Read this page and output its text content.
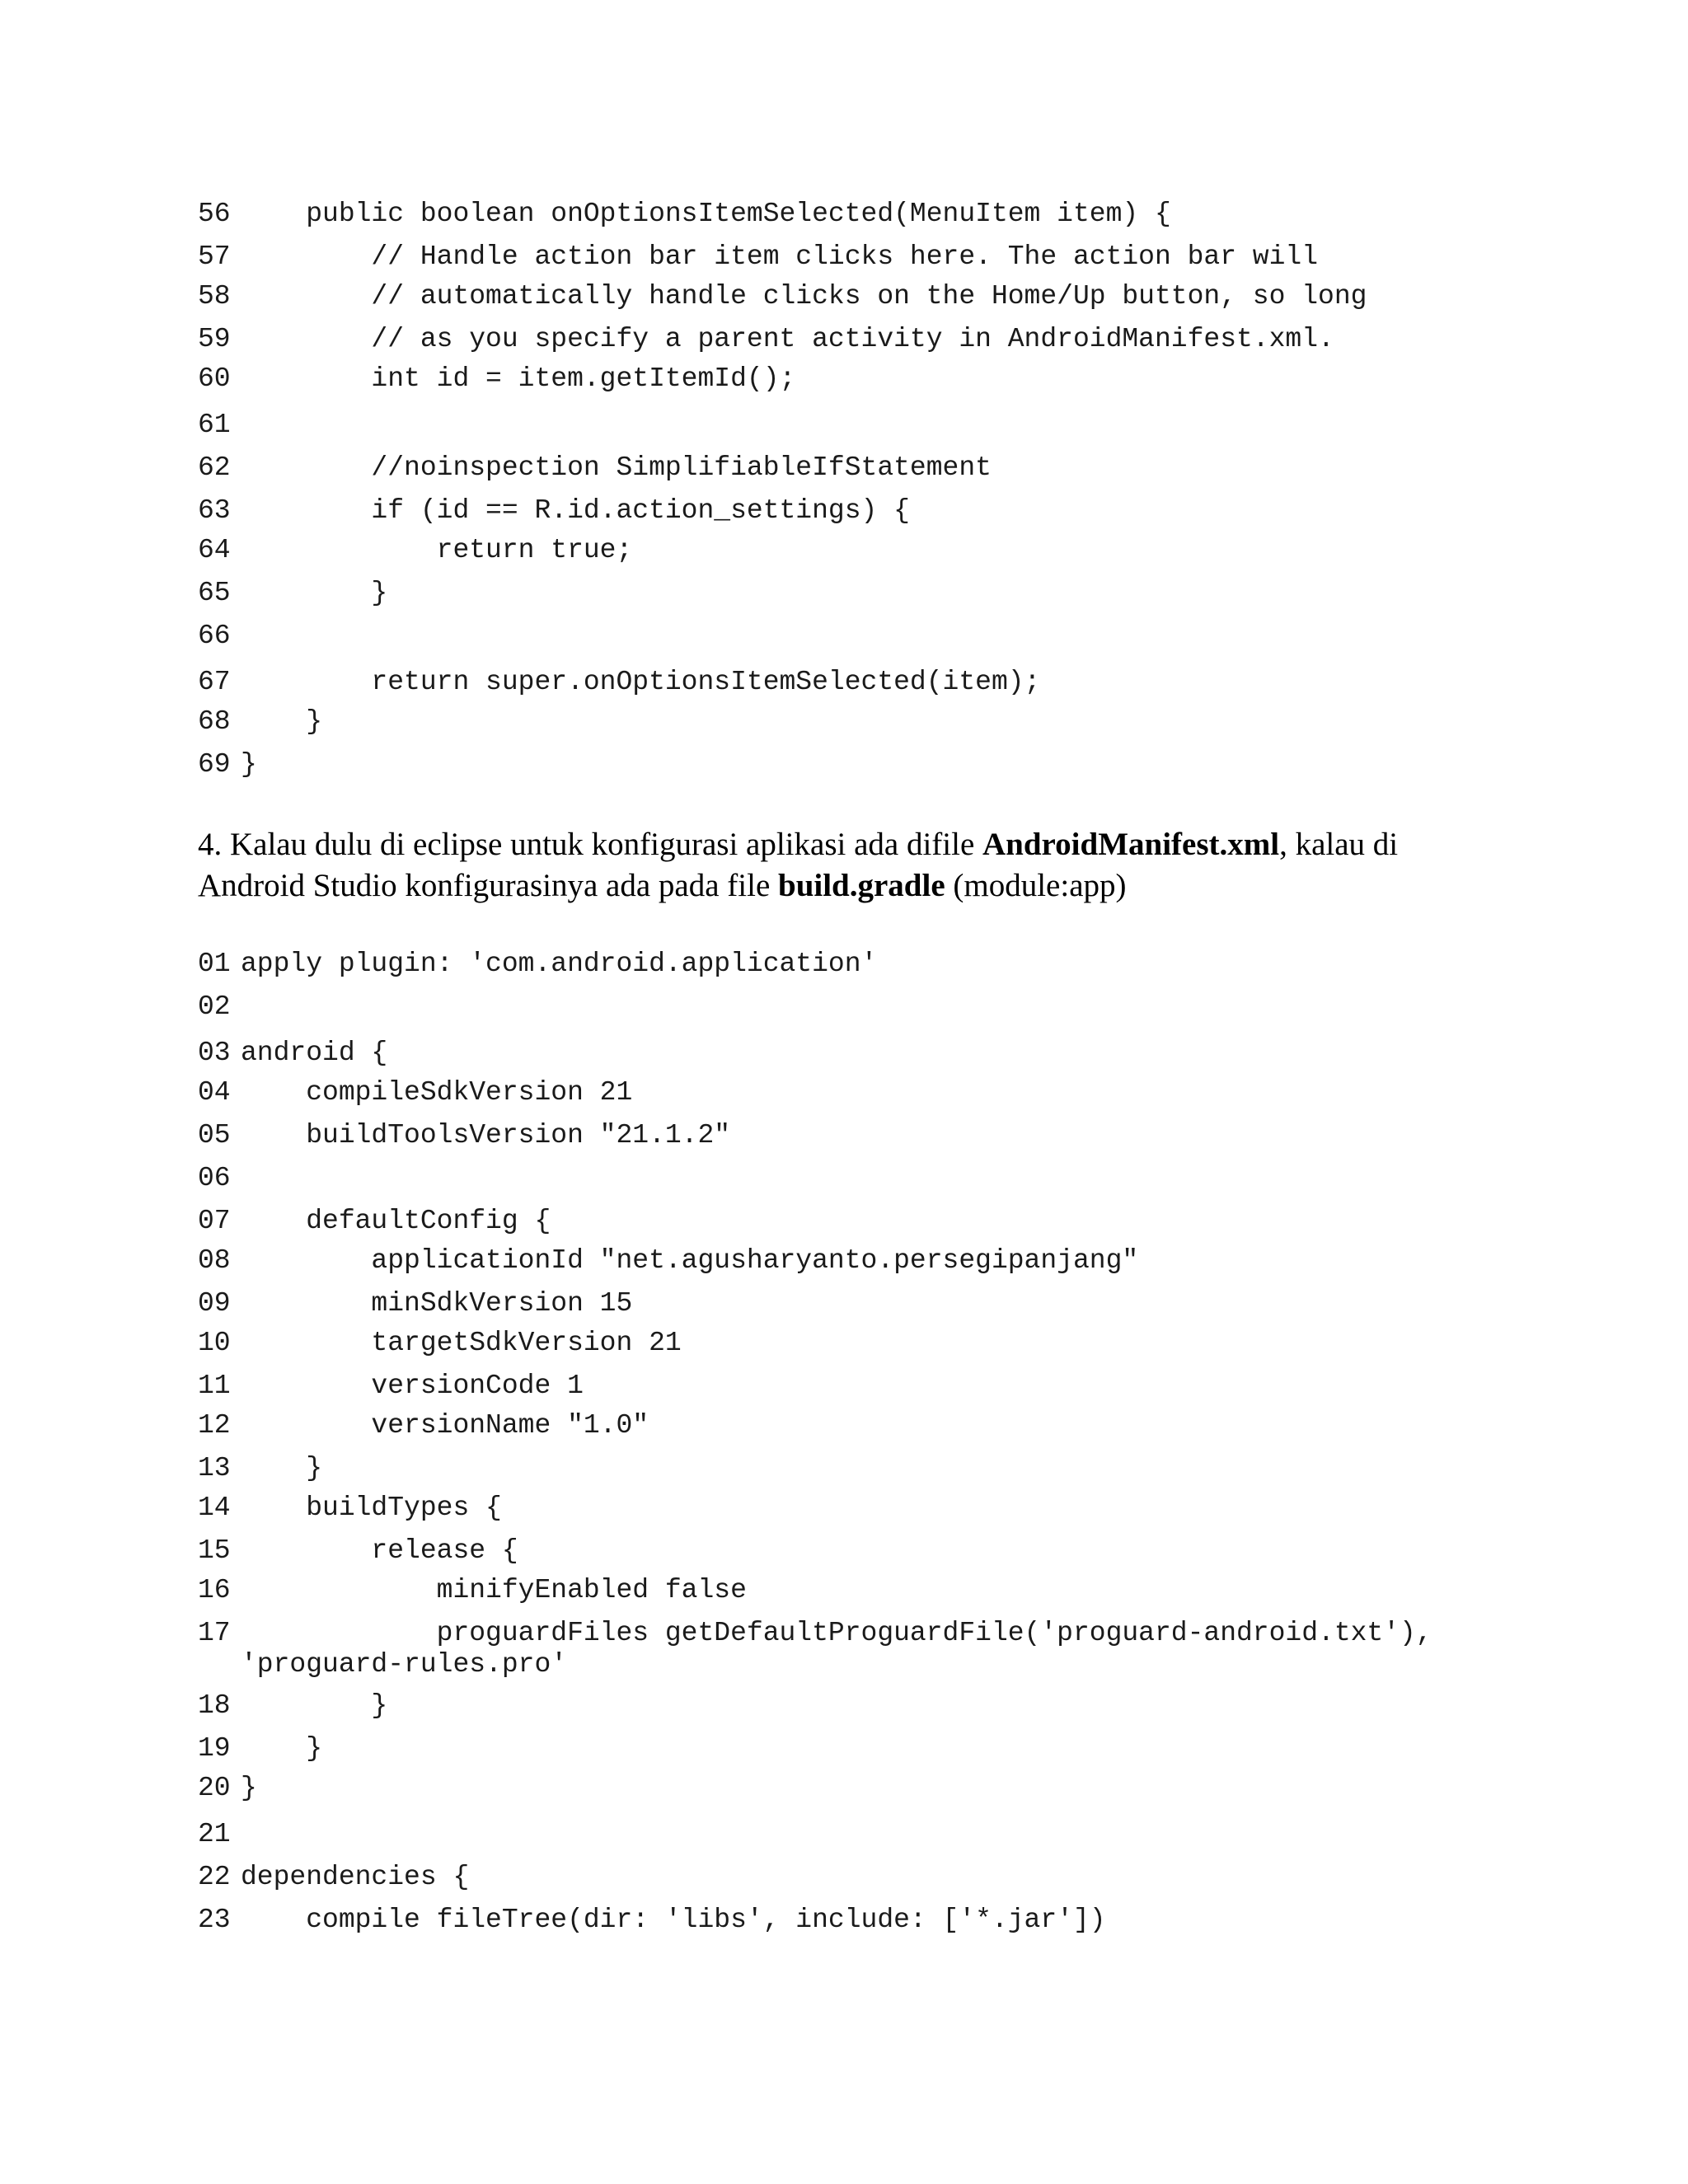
56    public boolean onOptionsItemSelected(MenuItem item) {
57        // Handle action bar item clicks here. The action bar will
58        // automatically handle clicks on the Home/Up button, so long
59        // as you specify a parent activity in AndroidManifest.xml.
60        int id = item.getItemId();
61
62        //noinspection SimplifiableIfStatement
63        if (id == R.id.action_settings) {
64            return true;
65        }
66
67        return super.onOptionsItemSelected(item);
68    }
69 }
4. Kalau dulu di eclipse untuk konfigurasi aplikasi ada difile AndroidManifest.xml, kalau di Android Studio konfigurasinya ada pada file build.gradle (module:app)
01 apply plugin: 'com.android.application'
02
03 android {
04    compileSdkVersion 21
05    buildToolsVersion "21.1.2"
06
07    defaultConfig {
08        applicationId "net.agusharyanto.persegipanjang"
09        minSdkVersion 15
10        targetSdkVersion 21
11        versionCode 1
12        versionName "1.0"
13    }
14    buildTypes {
15        release {
16            minifyEnabled false
17            proguardFiles getDefaultProguardFile('proguard-android.txt'),
'proguard-rules.pro'
18        }
19    }
20 }
21
22 dependencies {
23    compile fileTree(dir: 'libs', include: ['*.jar'])
